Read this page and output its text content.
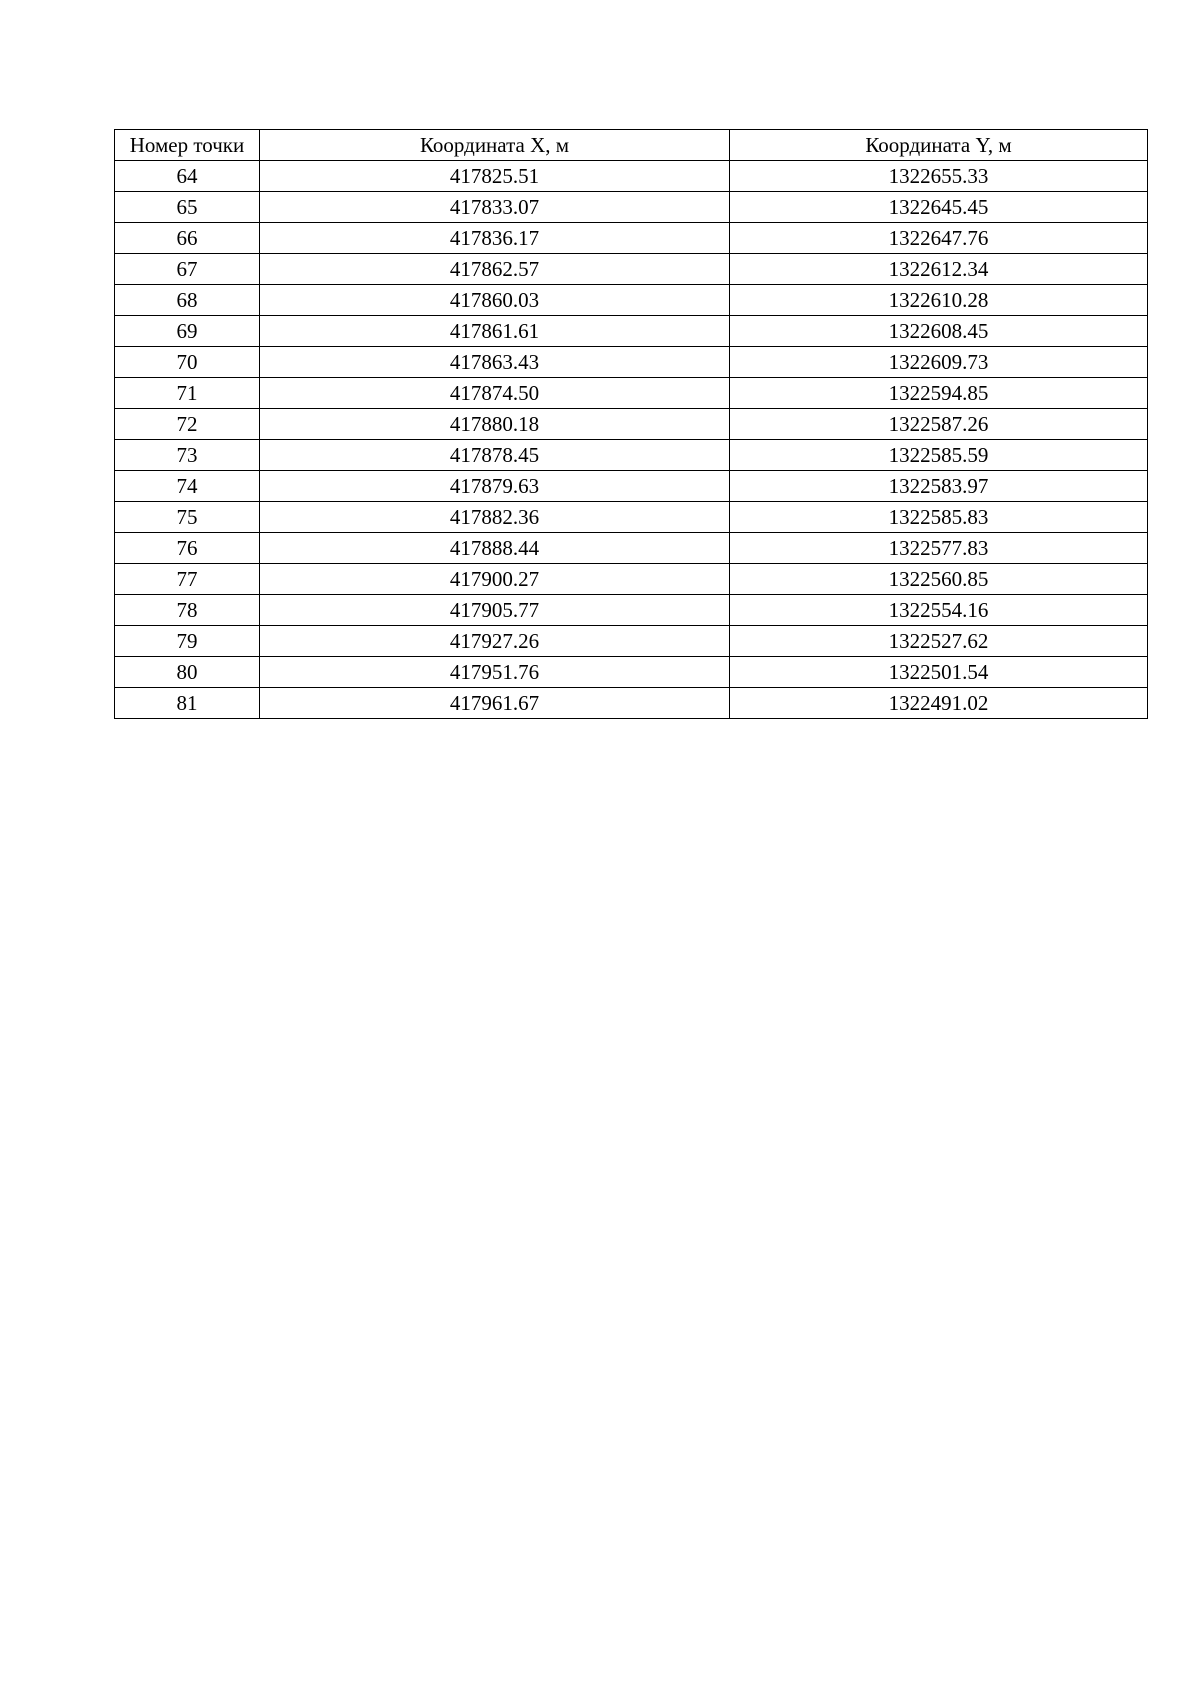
Номер точки	Координата X, м	Координата Y, м
64	417825.51	1322655.33
65	417833.07	1322645.45
66	417836.17	1322647.76
67	417862.57	1322612.34
68	417860.03	1322610.28
69	417861.61	1322608.45
70	417863.43	1322609.73
71	417874.50	1322594.85
72	417880.18	1322587.26
73	417878.45	1322585.59
74	417879.63	1322583.97
75	417882.36	1322585.83
76	417888.44	1322577.83
77	417900.27	1322560.85
78	417905.77	1322554.16
79	417927.26	1322527.62
80	417951.76	1322501.54
81	417961.67	1322491.02
